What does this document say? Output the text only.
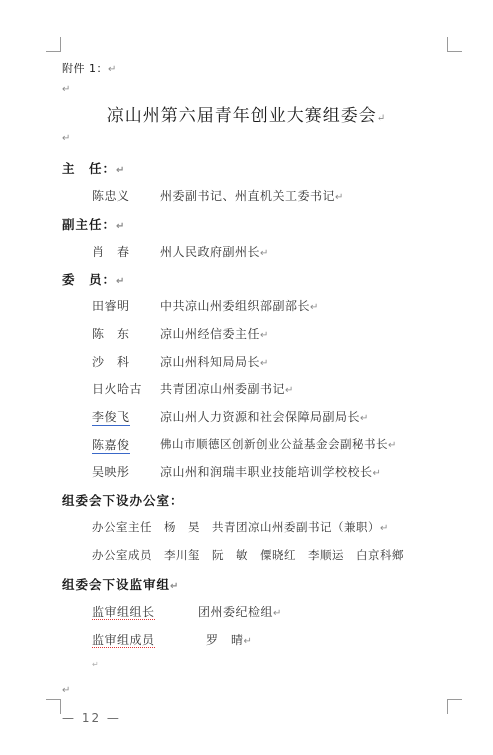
附件 1：↵
↵
凉山州第六届青年创业大赛组委会↵
↵
主　任：↵
陈忠义	州委副书记、州直机关工委书记↵
副主任：↵
肖　春	州人民政府副州长↵
委　员：↵
田睿明	中共凉山州委组织部副部长↵
陈　东	凉山州经信委主任↵
沙　科	凉山州科知局局长↵
日火哈古 共青团凉山州委副书记↵
李俊飞	凉山州人力资源和社会保障局副局长↵
陈嘉俊	佛山市顺德区创新创业公益基金会副秘书长↵
吴映彤	凉山州和润瑞丰职业技能培训学校校长↵
组委会下设办公室：
办公室主任　杨　昊　共青团凉山州委副书记（兼职）↵
办公室成员　李川玺　阮　敏　僳晓红　李顺运　白京科鄉
组委会下设监审组↵
监审组组长	团州委纪检组↵
监审组成员	罗　晴↵
↵
↵
— 12 —
